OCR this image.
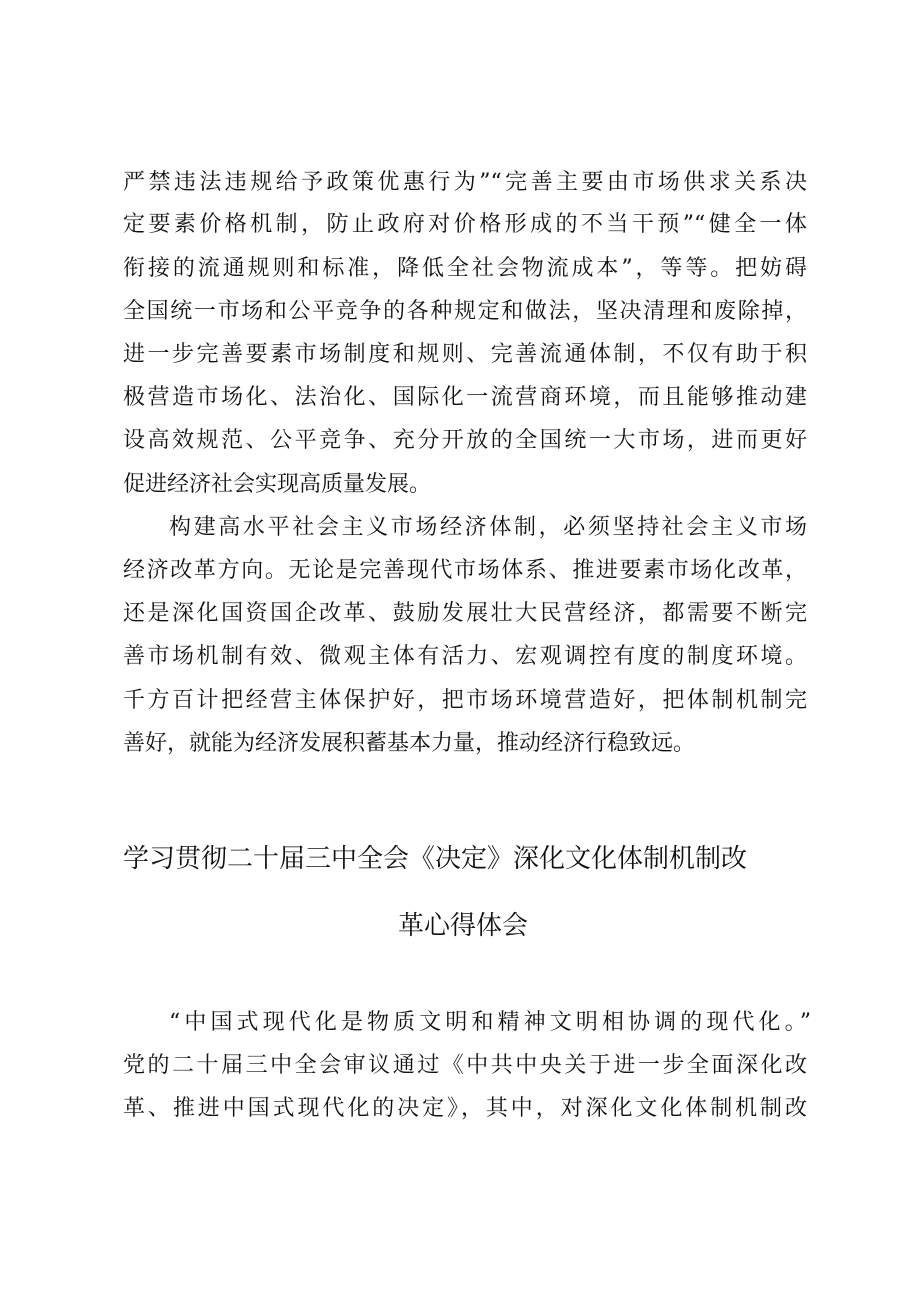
严禁违法违规给予政策优惠行为”“完善主要由市场供求关系决
定要素价格机制，防止政府对价格形成的不当干预”“健全一体
衔接的流通规则和标准，降低全社会物流成本”，等等。把妨碍
全国统一市场和公平竞争的各种规定和做法，坚决清理和废除掉，
进一步完善要素市场制度和规则、完善流通体制，不仅有助于积
极营造市场化、法治化、国际化一流营商环境，而且能够推动建
设高效规范、公平竞争、充分开放的全国统一大市场，进而更好
促进经济社会实现高质量发展。
构建高水平社会主义市场经济体制，必须坚持社会主义市场
经济改革方向。无论是完善现代市场体系、推进要素市场化改革，
还是深化国资国企改革、鼓励发展壮大民营经济，都需要不断完
善市场机制有效、微观主体有活力、宏观调控有度的制度环境。
千方百计把经营主体保护好，把市场环境营造好，把体制机制完
善好，就能为经济发展积蓄基本力量，推动经济行稳致远。
学习贯彻二十届三中全会《决定》深化文化体制机制改
革心得体会
“中国式现代化是物质文明和精神文明相协调的现代化。”
党的二十届三中全会审议通过《中共中央关于进一步全面深化改
革、推进中国式现代化的决定》，其中，对深化文化体制机制改
